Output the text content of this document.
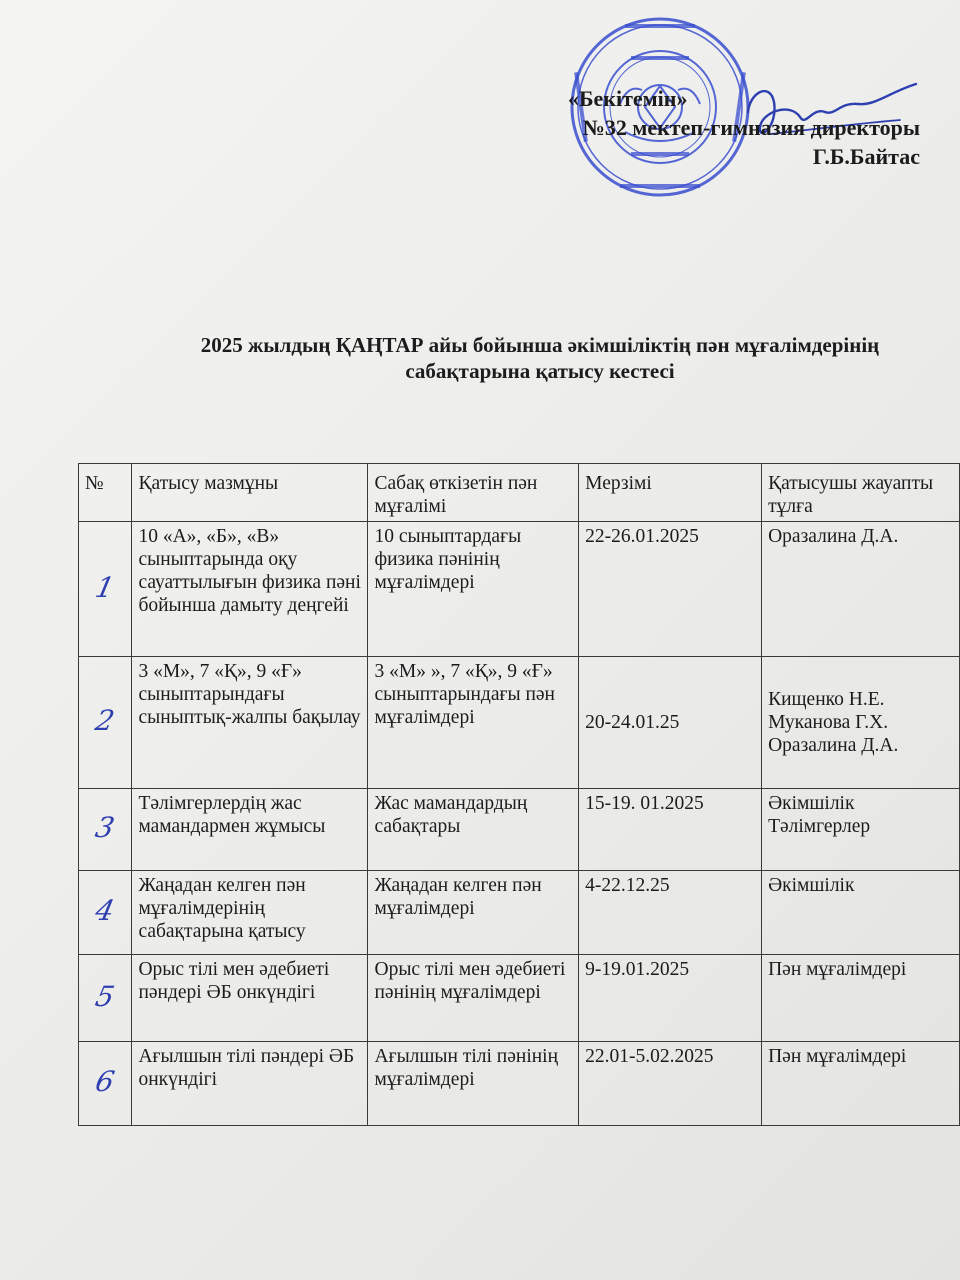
«Бекітемін»
№32 мектеп-гимназия директоры
Г.Б.Байтас
2025 жылдың ҚАҢТАР айы бойынша әкімшіліктің пән мұғалімдерінің
сабақтарына қатысу кестесі
№	Қатысу мазмұны	Сабақ өткізетін пән мұғалімі	Мерзімі	Қатысушы жауапты тұлға
1	10 «А», «Б», «В» сыныптарында оқу сауаттылығын физика пәні бойынша дамыту деңгейі	10 сыныптардағы физика пәнінің мұғалімдері	22-26.01.2025	Оразалина Д.А.
2	3 «М», 7 «Қ», 9 «Ғ» сыныптарындағы сыныптық-жалпы бақылау	3 «М» », 7 «Қ», 9 «Ғ» сыныптарындағы пән мұғалімдері	20-24.01.25	Кищенко Н.Е. Муканова Г.Х. Оразалина Д.А.
3	Тәлімгерлердің жас мамандармен жұмысы	Жас мамандардың сабақтары	15-19. 01.2025	Әкімшілік Тәлімгерлер
4	Жаңадан келген пән мұғалімдерінің сабақтарына қатысу	Жаңадан келген пән мұғалімдері	4-22.12.25	Әкімшілік
5	Орыс тілі мен әдебиеті пәндері ӘБ онкүндігі	Орыс тілі мен әдебиеті пәнінің мұғалімдері	9-19.01.2025	Пән мұғалімдері
6	Ағылшын тілі пәндері ӘБ онкүндігі	Ағылшын тілі пәнінің мұғалімдері	22.01-5.02.2025	Пән мұғалімдері
